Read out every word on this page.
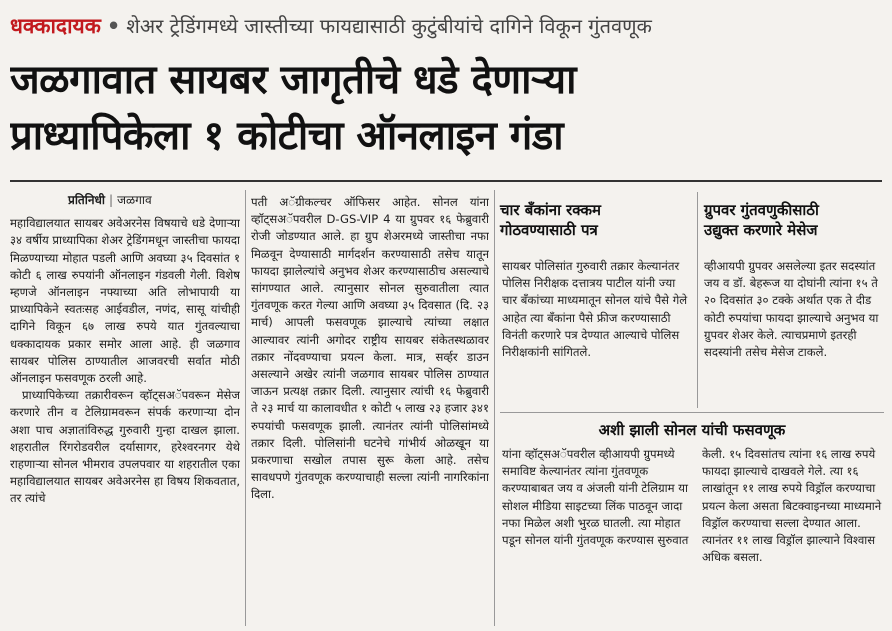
धक्कादायक • शेअर ट्रेडिंगमध्ये जास्तीच्या फायद्यासाठी कुटुंबीयांचे दागिने विकून गुंतवणूक
जळगावात सायबर जागृतीचे धडे देणाऱ्या
प्राध्यापिकेला १ कोटीचा ऑनलाइन गंडा
प्रतिनिधी | जळगाव

महाविद्यालयात सायबर अवेअरनेस विषयाचे धडे देणाऱ्या ३४ वर्षीय प्राध्यापिका शेअर ट्रेडिंगमधून जास्तीचा फायदा मिळण्याच्या मोहात पडली आणि अवघ्या ३५ दिवसांत १ कोटी ६ लाख रुपयांनी ऑनलाइन गंडवली गेली. विशेष म्हणजे ऑनलाइन नफ्याच्या अति लोभापायी या प्राध्यापिकेने स्वतःसह आईवडील, नणंद, सासू यांचीही दागिने विकून ६७ लाख रुपये यात गुंतवल्याचा धक्कादायक प्रकार समोर आला आहे. ही जळगाव सायबर पोलिस ठाण्यातील आजवरची सर्वात मोठी ऑनलाइन फसवणूक ठरली आहे.

प्राध्यापिकेच्या तक्रारीवरून व्हॉट्सअॅपवरून मेसेज करणारे तीन व टेलिग्रामवरून संपर्क करणाऱ्या दोन अशा पाच अज्ञातांविरुद्ध गुरुवारी गुन्हा दाखल झाला. शहरातील रिंगरोडवरील दर्यासागर, हरेश्वरनगर येथे राहणाऱ्या सोनल भीमराव उपलपवार या शहरातील एका महाविद्यालयात सायबर अवेअरनेस हा विषय शिकवतात, तर त्यांचे

पती अॅग्रीकल्चर ऑफिसर आहेत. सोनल यांना व्हॉट्सअॅपवरील D-GS-VIP 4 या ग्रुपवर १६ फेब्रुवारी रोजी जोडण्यात आले. हा ग्रुप शेअरमध्ये जास्तीचा नफा मिळवून देण्यासाठी मार्गदर्शन करण्यासाठी तसेच यातून फायदा झालेल्यांचे अनुभव शेअर करण्यासाठीच असल्याचे सांगण्यात आले. त्यानुसार सोनल सुरुवातीला त्यात गुंतवणूक करत गेल्या आणि अवघ्या ३५ दिवसात (दि. २३ मार्च) आपली फसवणूक झाल्याचे त्यांच्या लक्षात आल्यावर त्यांनी अगोदर राष्ट्रीय सायबर संकेतस्थळावर तक्रार नोंदवण्याचा प्रयत्न केला. मात्र, सर्व्हर डाउन असल्याने अखेर त्यांनी जळगाव सायबर पोलिस ठाण्यात जाऊन प्रत्यक्ष तक्रार दिली. त्यानुसार त्यांची १६ फेब्रुवारी ते २३ मार्च या कालावधीत १ कोटी ५ लाख २३ हजार ३४१ रुपयांची फसवणूक झाली. त्यानंतर त्यांनी पोलिसांमध्ये तक्रार दिली. पोलिसांनी घटनेचे गांभीर्य ओळखून या प्रकरणाचा सखोल तपास सुरू केला आहे. तसेच सावधपणे गुंतवणूक करण्याचाही सल्ला त्यांनी नागरिकांना दिला.

चार बँकांना रक्कम
गोठवण्यासाठी पत्र
सायबर पोलिसांत गुरुवारी तक्रार केल्यानंतर पोलिस निरीक्षक दत्तात्रय पाटील यांनी ज्या चार बँकांच्या माध्यमातून सोनल यांचे पैसे गेले आहेत त्या बँकांना पैसे फ्रीज करण्यासाठी विनंती करणारे पत्र देण्यात आल्याचे पोलिस निरीक्षकांनी सांगितले.
ग्रुपवर गुंतवणुकीसाठी
उद्युक्त करणारे मेसेज
व्हीआयपी ग्रुपवर असलेल्या इतर सदस्यांत जय व डॉ. बेहरूज या दोघांनी त्यांना १५ ते २० दिवसांत ३० टक्के अर्थात एक ते दीड कोटी रुपयांचा फायदा झाल्याचे अनुभव या ग्रुपवर शेअर केले. त्याचप्रमाणे इतरही सदस्यांनी तसेच मेसेज टाकले.
अशी झाली सोनल यांची फसवणूक
यांना व्हॉट्सअॅपवरील व्हीआयपी ग्रुपमध्ये समाविष्ट केल्यानंतर त्यांना गुंतवणूक करण्याबाबत जय व अंजली यांनी टेलिग्राम या सोशल मीडिया साइटच्या लिंक पाठवून जादा नफा मिळेल अशी भुरळ घातली. त्या मोहात पडून सोनल यांनी गुंतवणूक करण्यास सुरुवात
केली. १५ दिवसांतच त्यांना १६ लाख रुपये फायदा झाल्याचे दाखवले गेले. त्या १६ लाखांतून ११ लाख रुपये विड्रॉल करण्याचा प्रयत्न केला असता बिटक्वाइनच्या माध्यमाने विड्रॉल करण्याचा सल्ला देण्यात आला. त्यानंतर ११ लाख विड्रॉल झाल्याने विश्वास अधिक बसला.
